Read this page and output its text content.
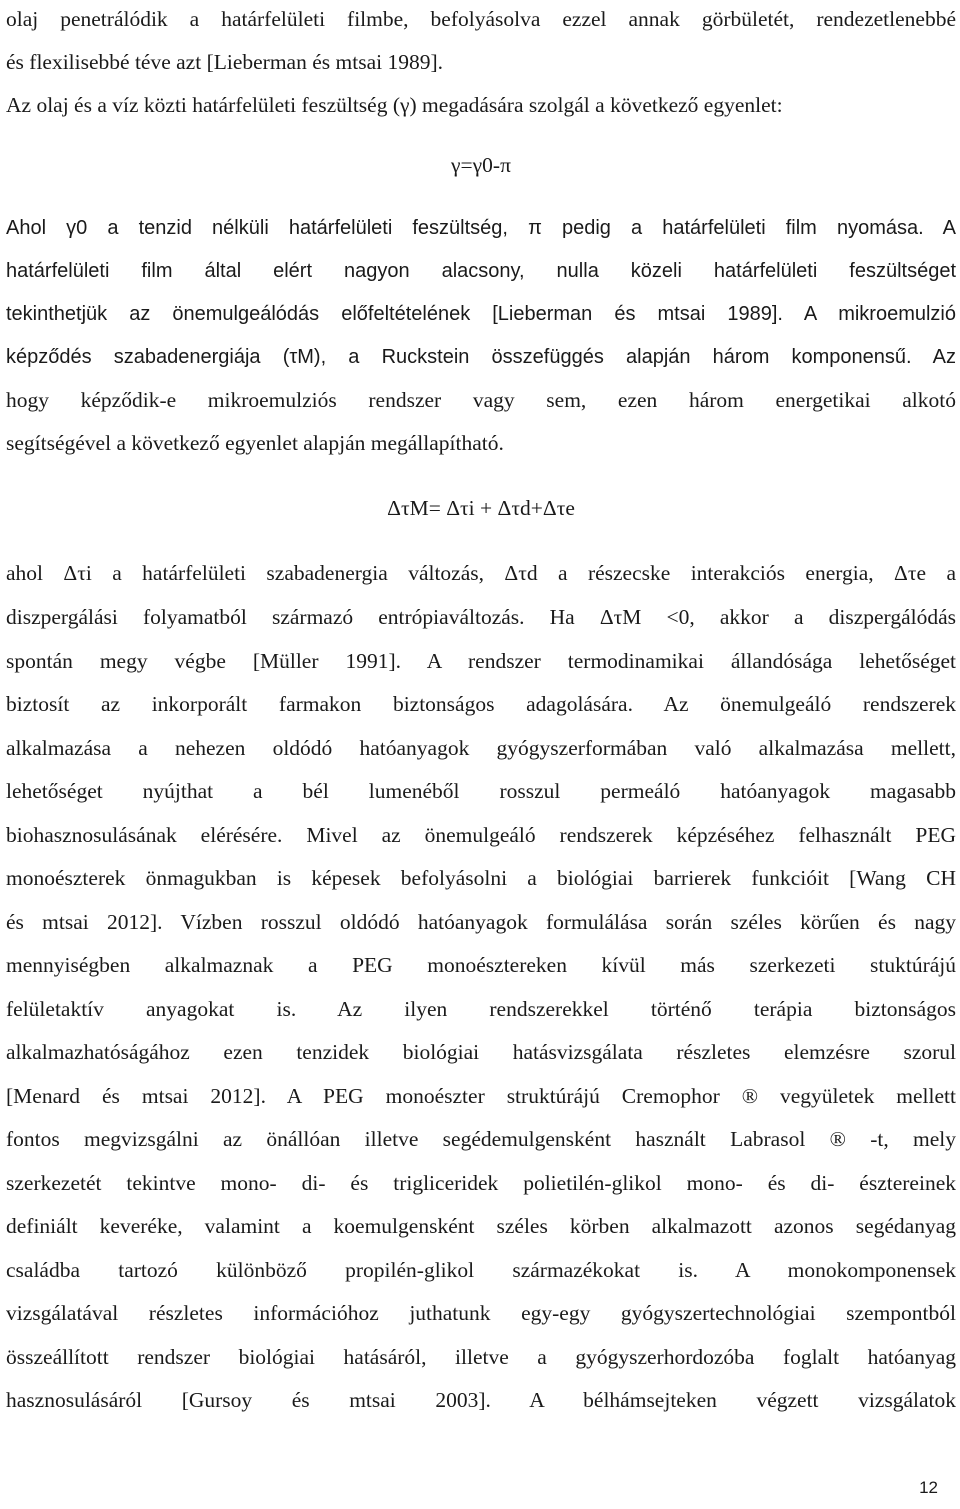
olaj penetrálódik a határfelületi filmbe, befolyásolva ezzel annak görbületét, rendezetlenebbé
és flexilisebbé téve azt [Lieberman és mtsai 1989].
Az olaj és a víz közti határfelületi feszültség (γ) megadására szolgál a következő egyenlet:
γ=γ0-π
Ahol γ0 a tenzid nélküli határfelületi feszültség, π pedig a határfelületi film nyomása. A
határfelületi film által elért nagyon alacsony, nulla közeli határfelületi feszültséget
tekinthetjük az önemulgeálódás előfeltételének [Lieberman és mtsai 1989]. A mikroemulzió
képződés szabadenergiája (τM), a Ruckstein összefüggés alapján három komponensű. Az
hogy képződik-e mikroemulziós rendszer vagy sem, ezen három energetikai alkotó
segítségével a következő egyenlet alapján megállapítható.
ΔτM= Δτi + Δτd+Δτe
ahol Δτi a határfelületi szabadenergia változás, Δτd a részecske interakciós energia, Δτe a
diszpergálási folyamatból származó entrópiaváltozás. Ha ΔτM <0, akkor a diszpergálódás
spontán megy végbe [Müller 1991]. A rendszer termodinamikai állandósága lehetőséget
biztosít az inkorporált farmakon biztonságos adagolására. Az önemulgeáló rendszerek
alkalmazása a nehezen oldódó hatóanyagok gyógyszerformában való alkalmazása mellett,
lehetőséget nyújthat a bél lumenéből rosszul permeáló hatóanyagok magasabb
biohasznosulásának elérésére. Mivel az önemulgeáló rendszerek képzéséhez felhasznált PEG
monoészterek önmagukban is képesek befolyásolni a biológiai barrierek funkcióit [Wang CH
és mtsai 2012]. Vízben rosszul oldódó hatóanyagok formulálása során széles körűen és nagy
mennyiségben alkalmaznak a PEG monoésztereken kívül más szerkezeti stuktúrájú
felületaktív anyagokat is. Az ilyen rendszerekkel történő terápia biztonságos
alkalmazhatóságához ezen tenzidek biológiai hatásvizsgálata részletes elemzésre szorul
[Menard és mtsai 2012]. A PEG monoészter struktúrájú Cremophor ® vegyületek mellett
fontos megvizsgálni az önállóan illetve segédemulgensként használt Labrasol ® -t, mely
szerkezetét tekintve mono- di- és trigliceridek polietilén-glikol mono- és di- észtereinek
definiált keveréke, valamint a koemulgensként széles körben alkalmazott azonos segédanyag
családba tartozó különböző propilén-glikol származékokat is. A monokomponensek
vizsgálatával részletes információhoz juthatunk egy-egy gyógyszertechnológiai szempontból
összeállított rendszer biológiai hatásáról, illetve a gyógyszerhordozóba foglalt hatóanyag
hasznosulásáról [Gursoy és mtsai 2003]. A bélhámsejteken végzett vizsgálatok
12
